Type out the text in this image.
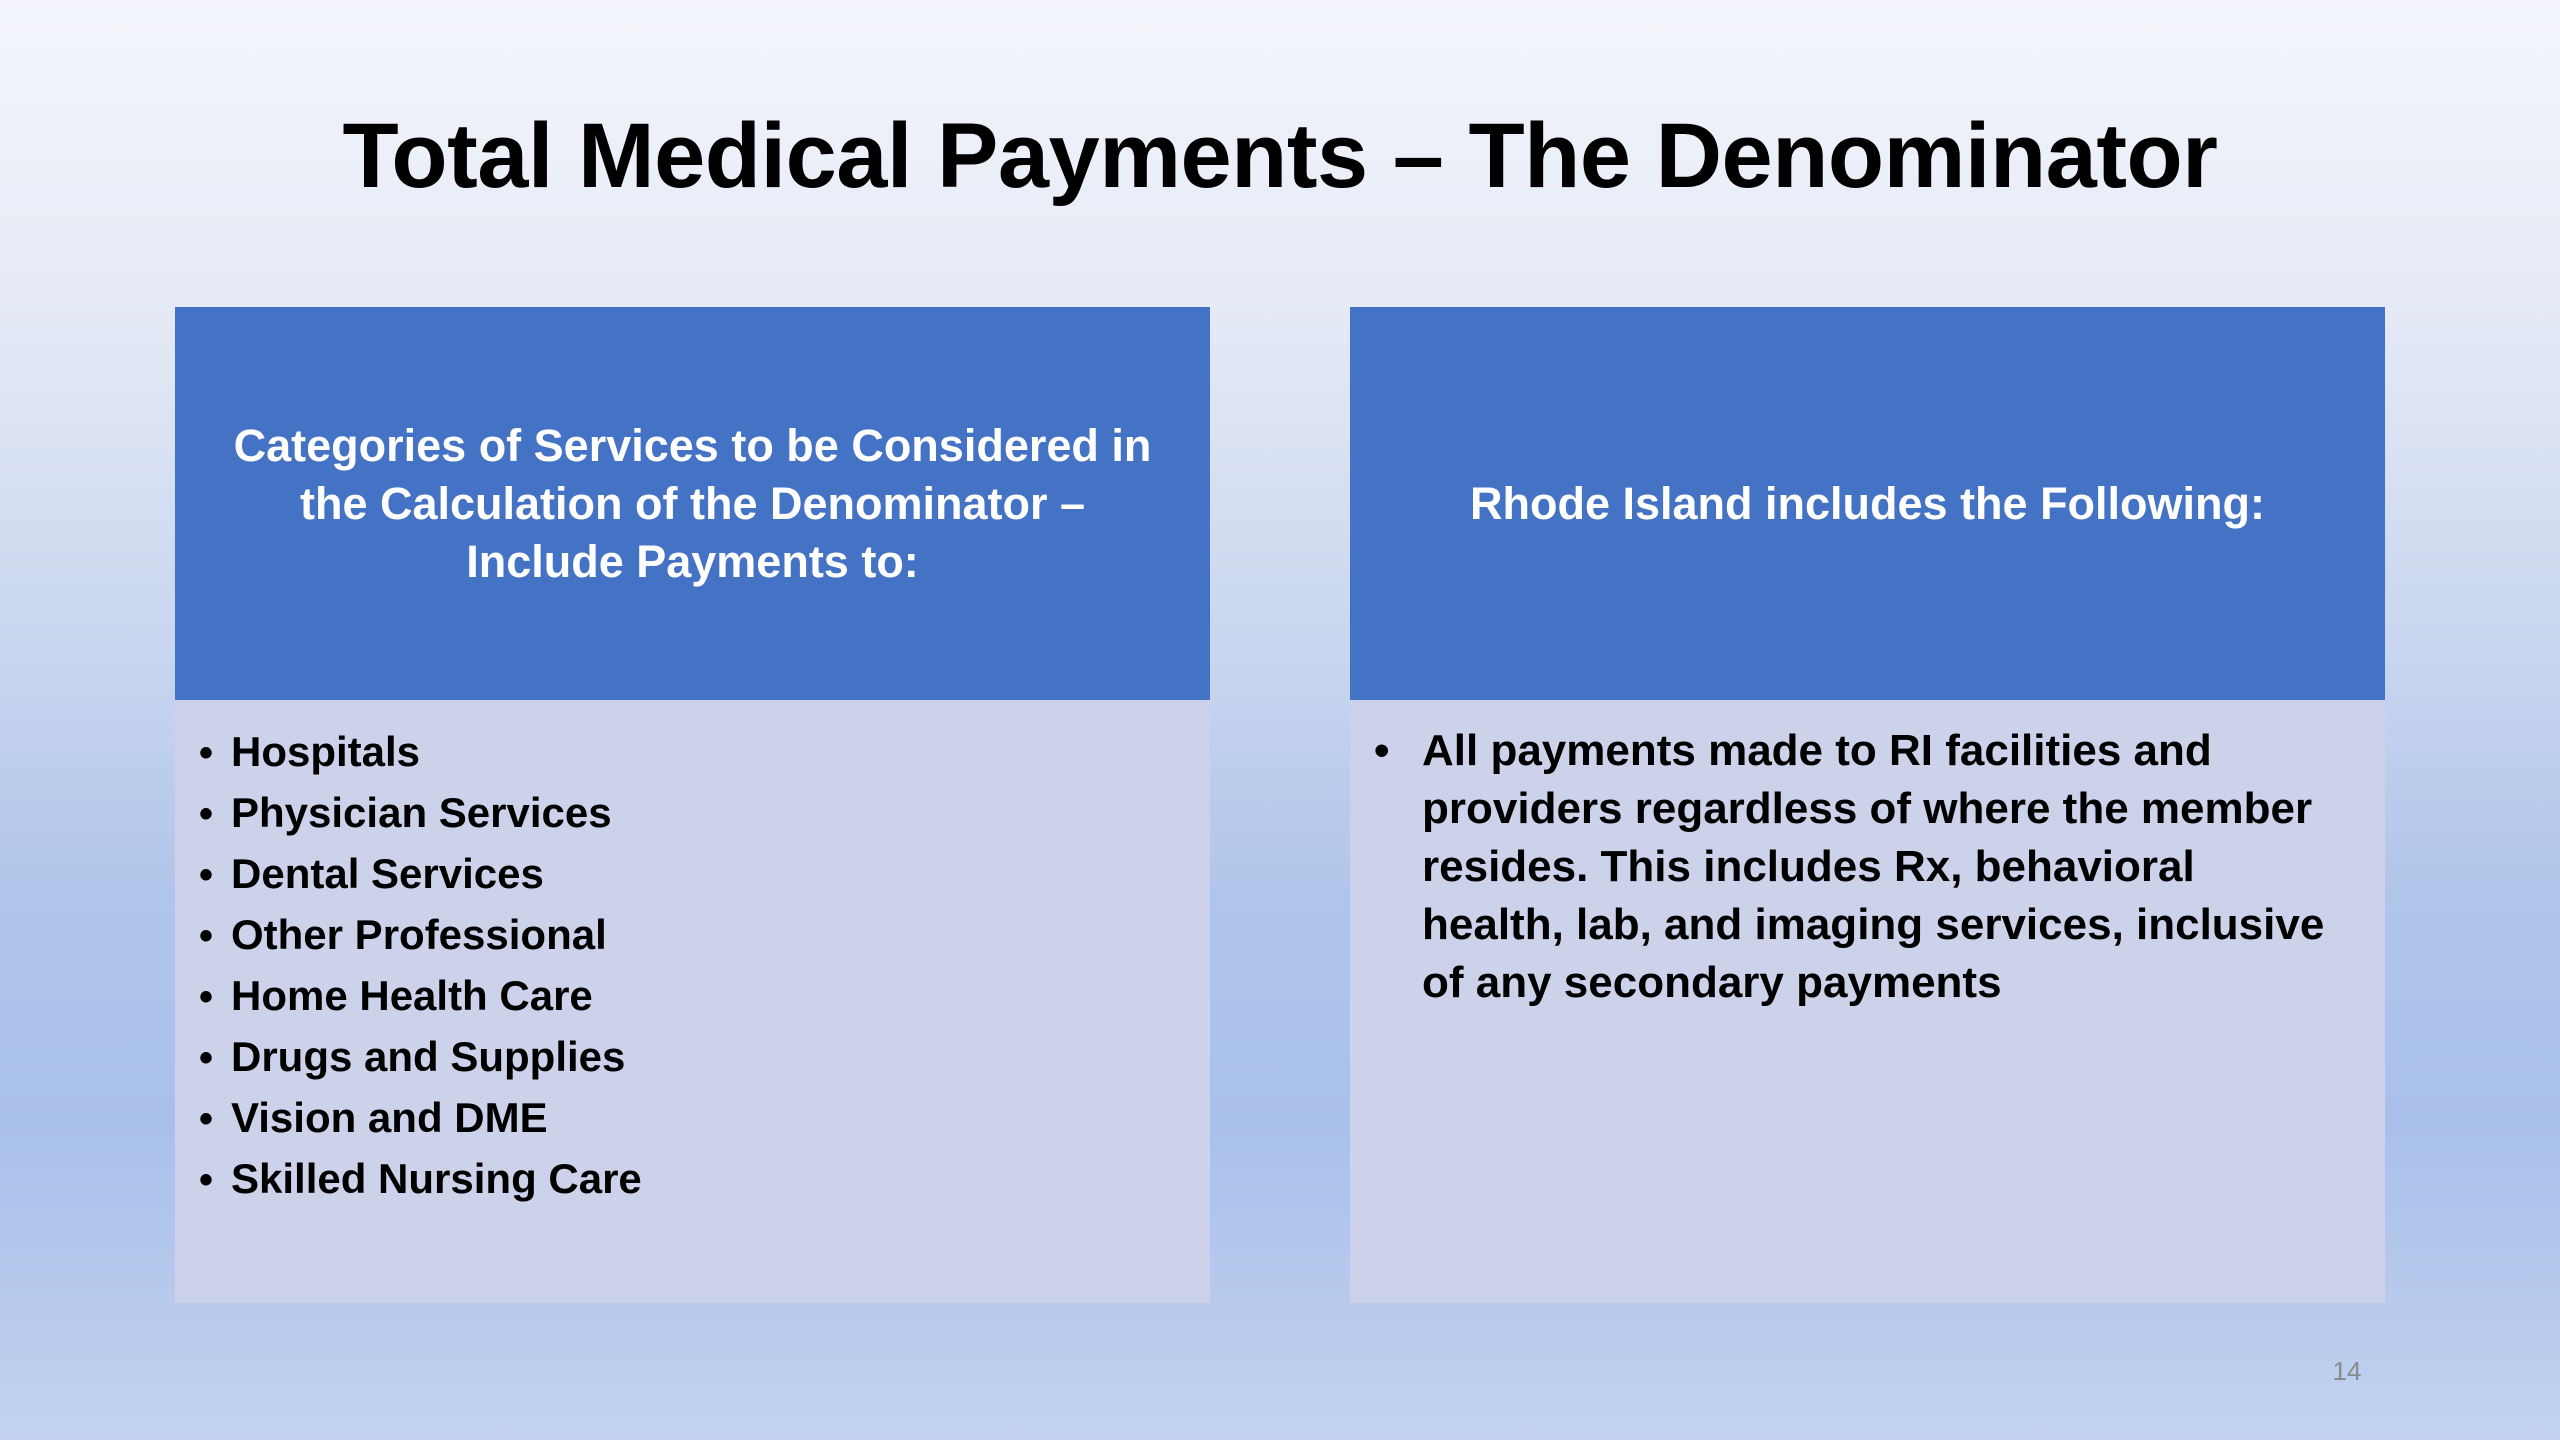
Total Medical Payments – The Denominator
Categories of Services to be Considered in the Calculation of the Denominator – Include Payments to:
• Hospitals
• Physician Services
• Dental Services
• Other Professional
• Home Health Care
• Drugs and Supplies
• Vision and DME
• Skilled Nursing Care
Rhode Island includes the Following:
• All payments made to RI facilities and providers regardless of where the member resides. This includes Rx, behavioral health, lab, and imaging services, inclusive of any secondary payments
14
